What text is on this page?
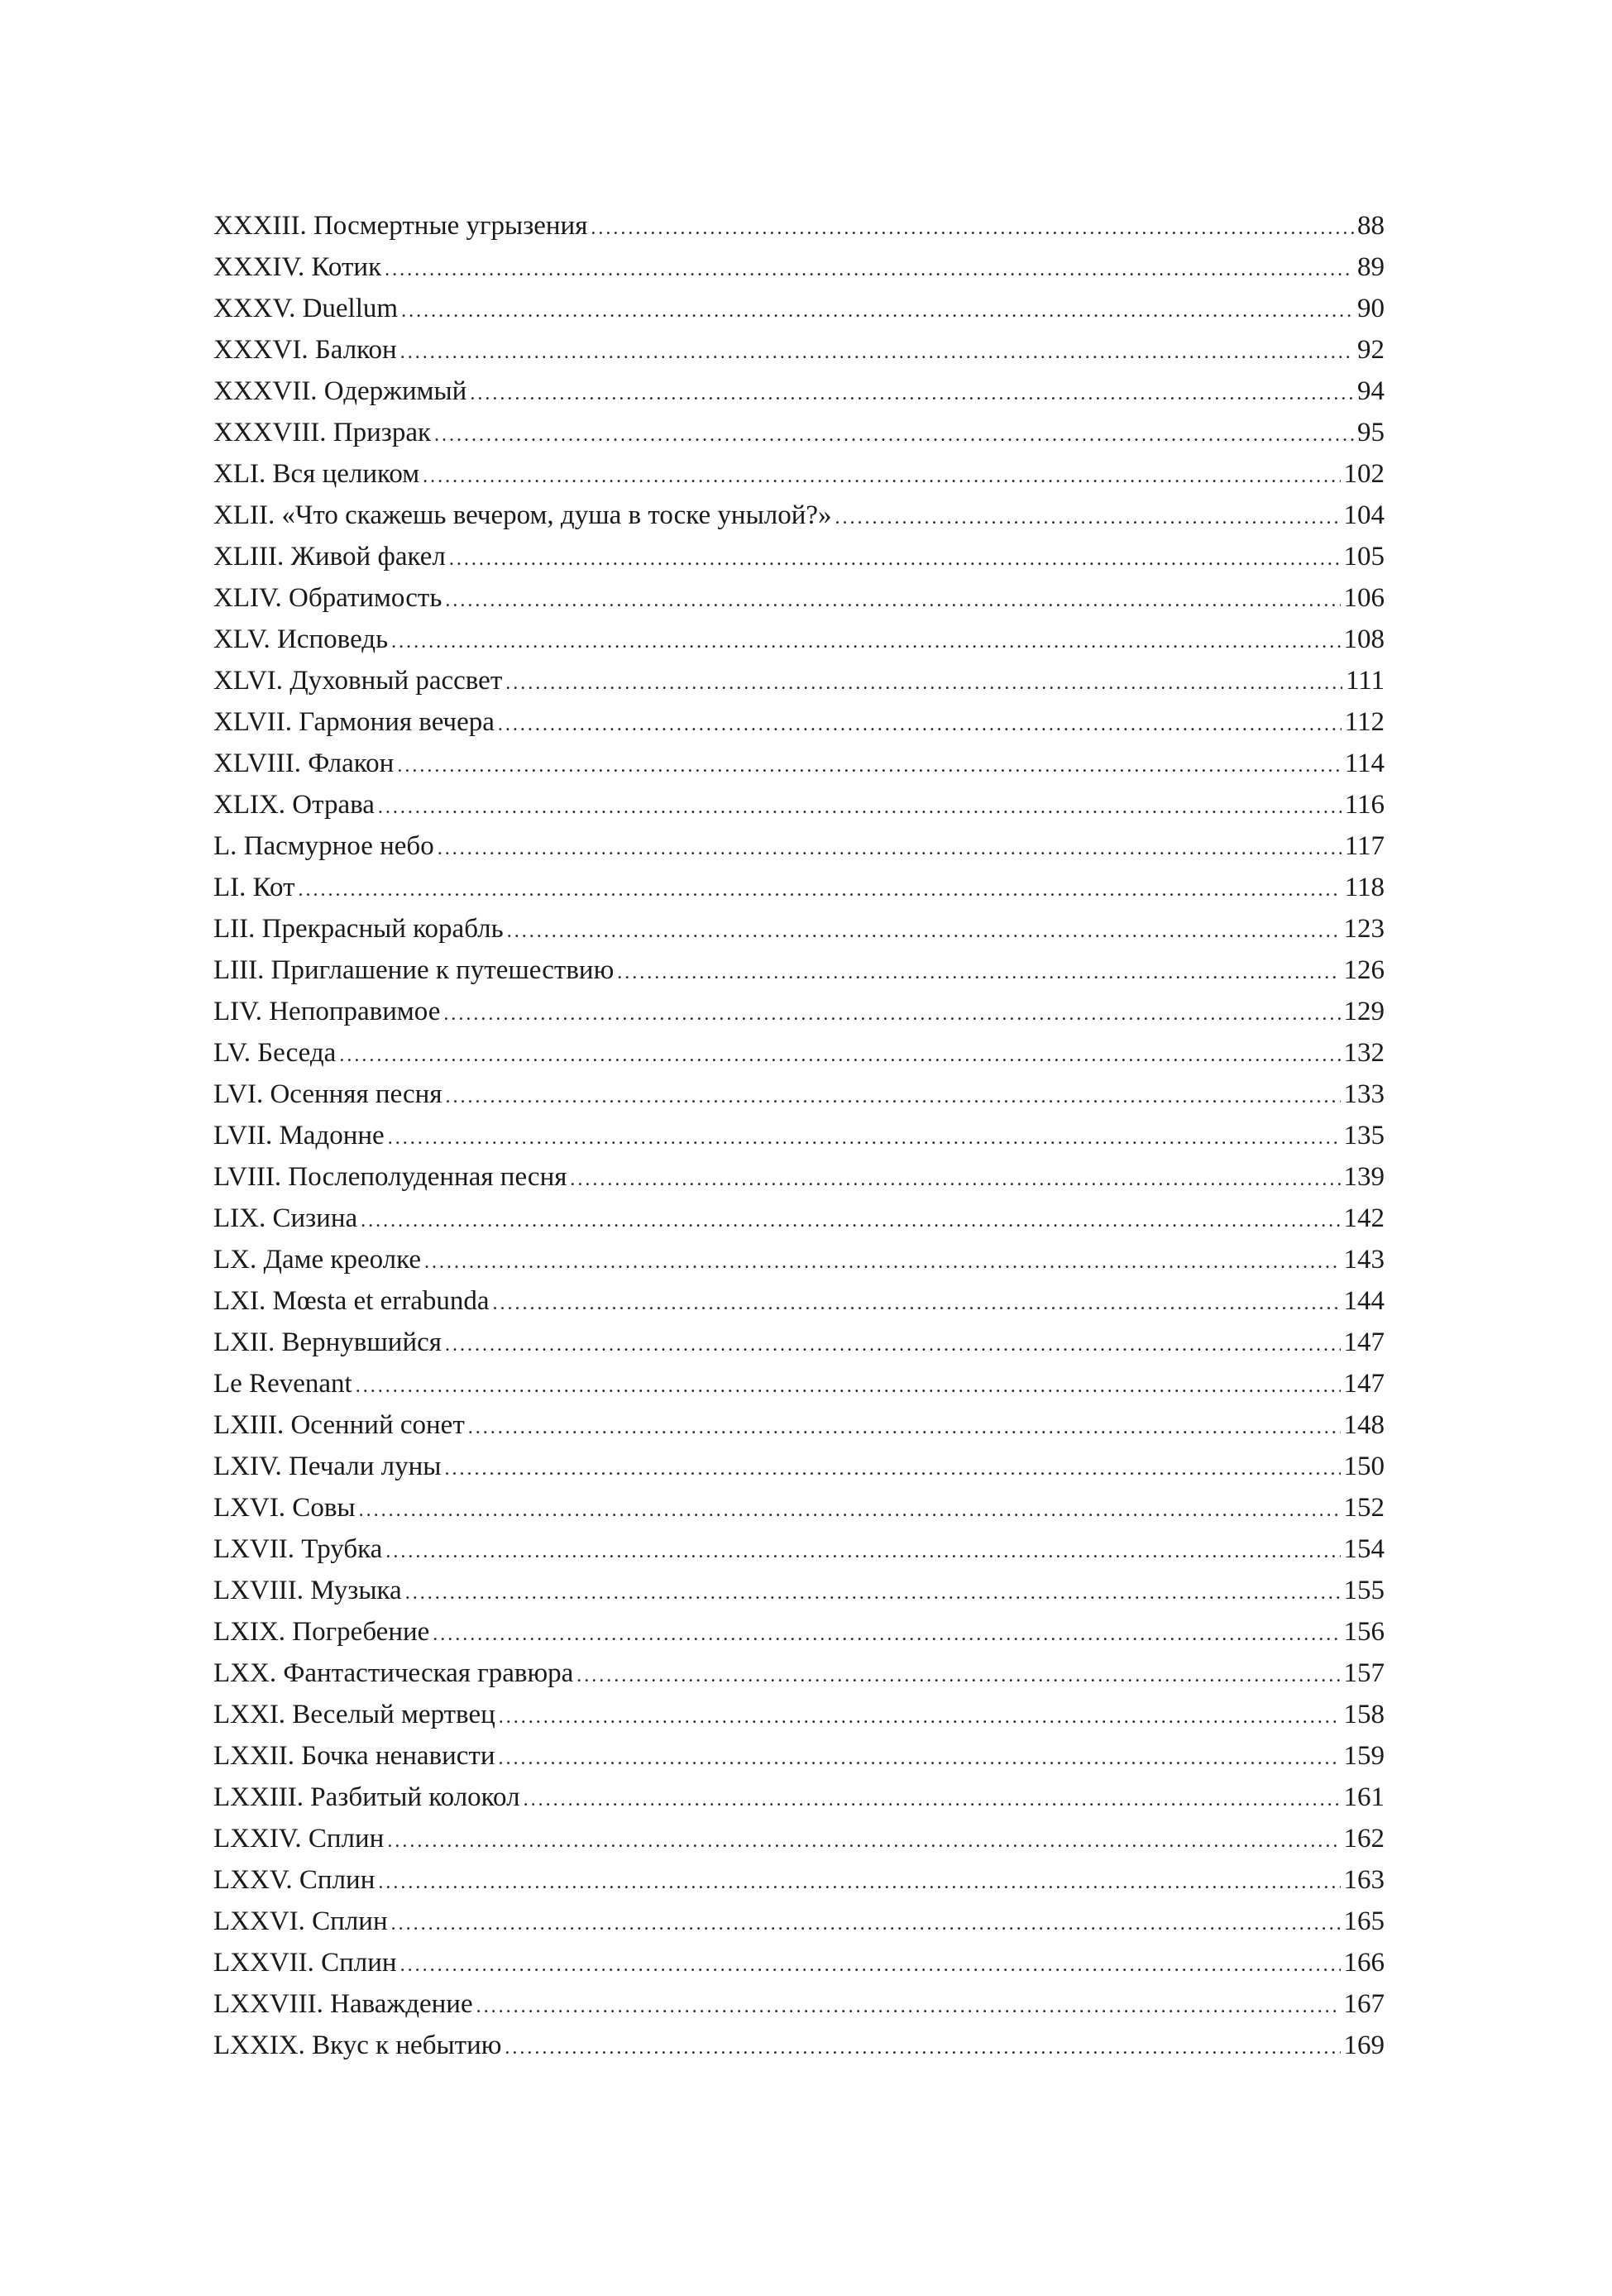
XXXIII. Посмертные угрызения .....	88
XXXIV. Котик .....	89
XXXV. Duellum .....	90
XXXVI. Балкон .....	92
XXXVII. Одержимый .....	94
XXXVIII. Призрак .....	95
XLI. Вся целиком .....	102
XLII. «Что скажешь вечером, душа в тоске унылой?» .....	104
XLIII. Живой факел .....	105
XLIV. Обратимость .....	106
XLV. Исповедь .....	108
XLVI. Духовный рассвет .....	111
XLVII. Гармония вечера .....	112
XLVIII. Флакон .....	114
XLIX. Отрава .....	116
L. Пасмурное небо .....	117
LI. Кот .....	118
LII. Прекрасный корабль .....	123
LIII. Приглашение к путешествию .....	126
LIV. Непоправимое .....	129
LV. Беседа .....	132
LVI. Осенняя песня .....	133
LVII. Мадонне .....	135
LVIII. Послеполуденная песня .....	139
LIX. Сизина .....	142
LX. Даме креолке .....	143
LXI. Mœsta et errabunda .....	144
LXII. Вернувшийся .....	147
Le Revenant .....	147
LXIII. Осенний сонет .....	148
LXIV. Печали луны .....	150
LXVI. Совы .....	152
LXVII. Трубка .....	154
LXVIII. Музыка .....	155
LXIX. Погребение .....	156
LXX. Фантастическая гравюра .....	157
LXXI. Веселый мертвец .....	158
LXXII. Бочка ненависти .....	159
LXXIII. Разбитый колокол .....	161
LXXIV. Сплин .....	162
LXXV. Сплин .....	163
LXXVI. Сплин .....	165
LXXVII. Сплин .....	166
LXXVIII. Наваждение .....	167
LXXIX. Вкус к небытию .....	169
